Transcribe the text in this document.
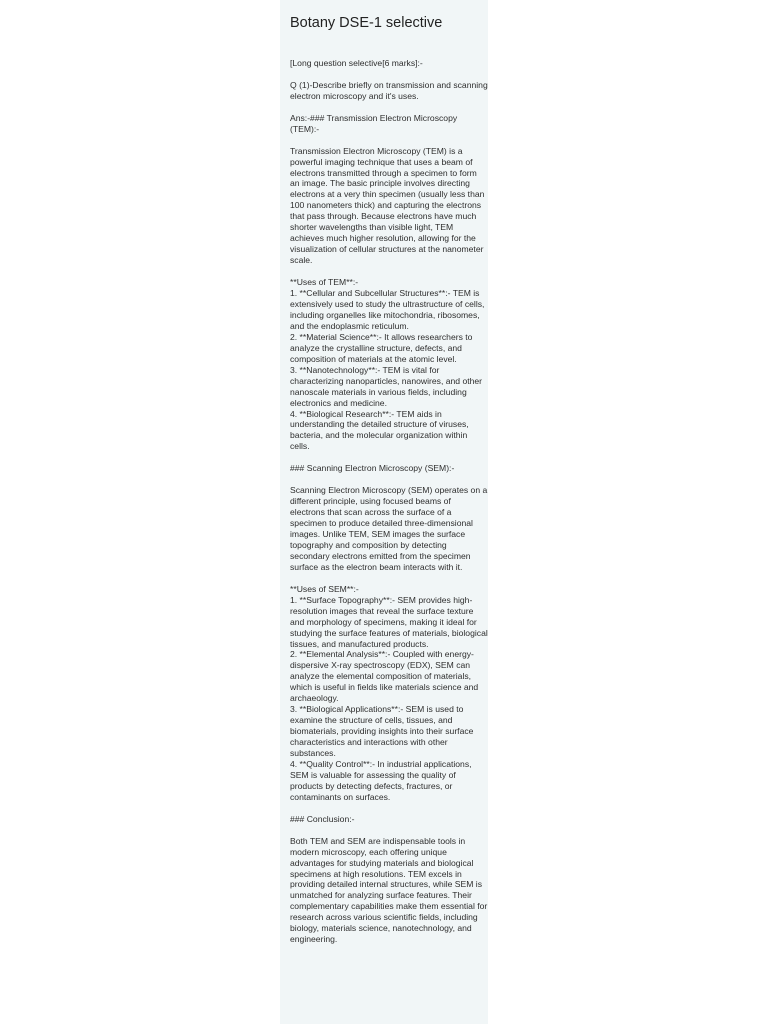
Botany DSE-1 selective
[Long question selective[6 marks]:-

Q (1)-Describe briefly on transmission and scanning electron microscopy and it's uses.

Ans:-### Transmission Electron Microscopy (TEM):-

Transmission Electron Microscopy (TEM) is a powerful imaging technique that uses a beam of electrons transmitted through a specimen to form an image. The basic principle involves directing electrons at a very thin specimen (usually less than 100 nanometers thick) and capturing the electrons that pass through. Because electrons have much shorter wavelengths than visible light, TEM achieves much higher resolution, allowing for the visualization of cellular structures at the nanometer scale.

**Uses of TEM**:-
1. **Cellular and Subcellular Structures**:- TEM is extensively used to study the ultrastructure of cells, including organelles like mitochondria, ribosomes, and the endoplasmic reticulum.
2. **Material Science**:- It allows researchers to analyze the crystalline structure, defects, and composition of materials at the atomic level.
3. **Nanotechnology**:- TEM is vital for characterizing nanoparticles, nanowires, and other nanoscale materials in various fields, including electronics and medicine.
4. **Biological Research**:- TEM aids in understanding the detailed structure of viruses, bacteria, and the molecular organization within cells.

### Scanning Electron Microscopy (SEM):-

Scanning Electron Microscopy (SEM) operates on a different principle, using focused beams of electrons that scan across the surface of a specimen to produce detailed three-dimensional images. Unlike TEM, SEM images the surface topography and composition by detecting secondary electrons emitted from the specimen surface as the electron beam interacts with it.

**Uses of SEM**:-
1. **Surface Topography**:- SEM provides high-resolution images that reveal the surface texture and morphology of specimens, making it ideal for studying the surface features of materials, biological tissues, and manufactured products.
2. **Elemental Analysis**:- Coupled with energy-dispersive X-ray spectroscopy (EDX), SEM can analyze the elemental composition of materials, which is useful in fields like materials science and archaeology.
3. **Biological Applications**:- SEM is used to examine the structure of cells, tissues, and biomaterials, providing insights into their surface characteristics and interactions with other substances.
4. **Quality Control**:- In industrial applications, SEM is valuable for assessing the quality of products by detecting defects, fractures, or contaminants on surfaces.

### Conclusion:-

Both TEM and SEM are indispensable tools in modern microscopy, each offering unique advantages for studying materials and biological specimens at high resolutions. TEM excels in providing detailed internal structures, while SEM is unmatched for analyzing surface features. Their complementary capabilities make them essential for research across various scientific fields, including biology, materials science, nanotechnology, and engineering.
